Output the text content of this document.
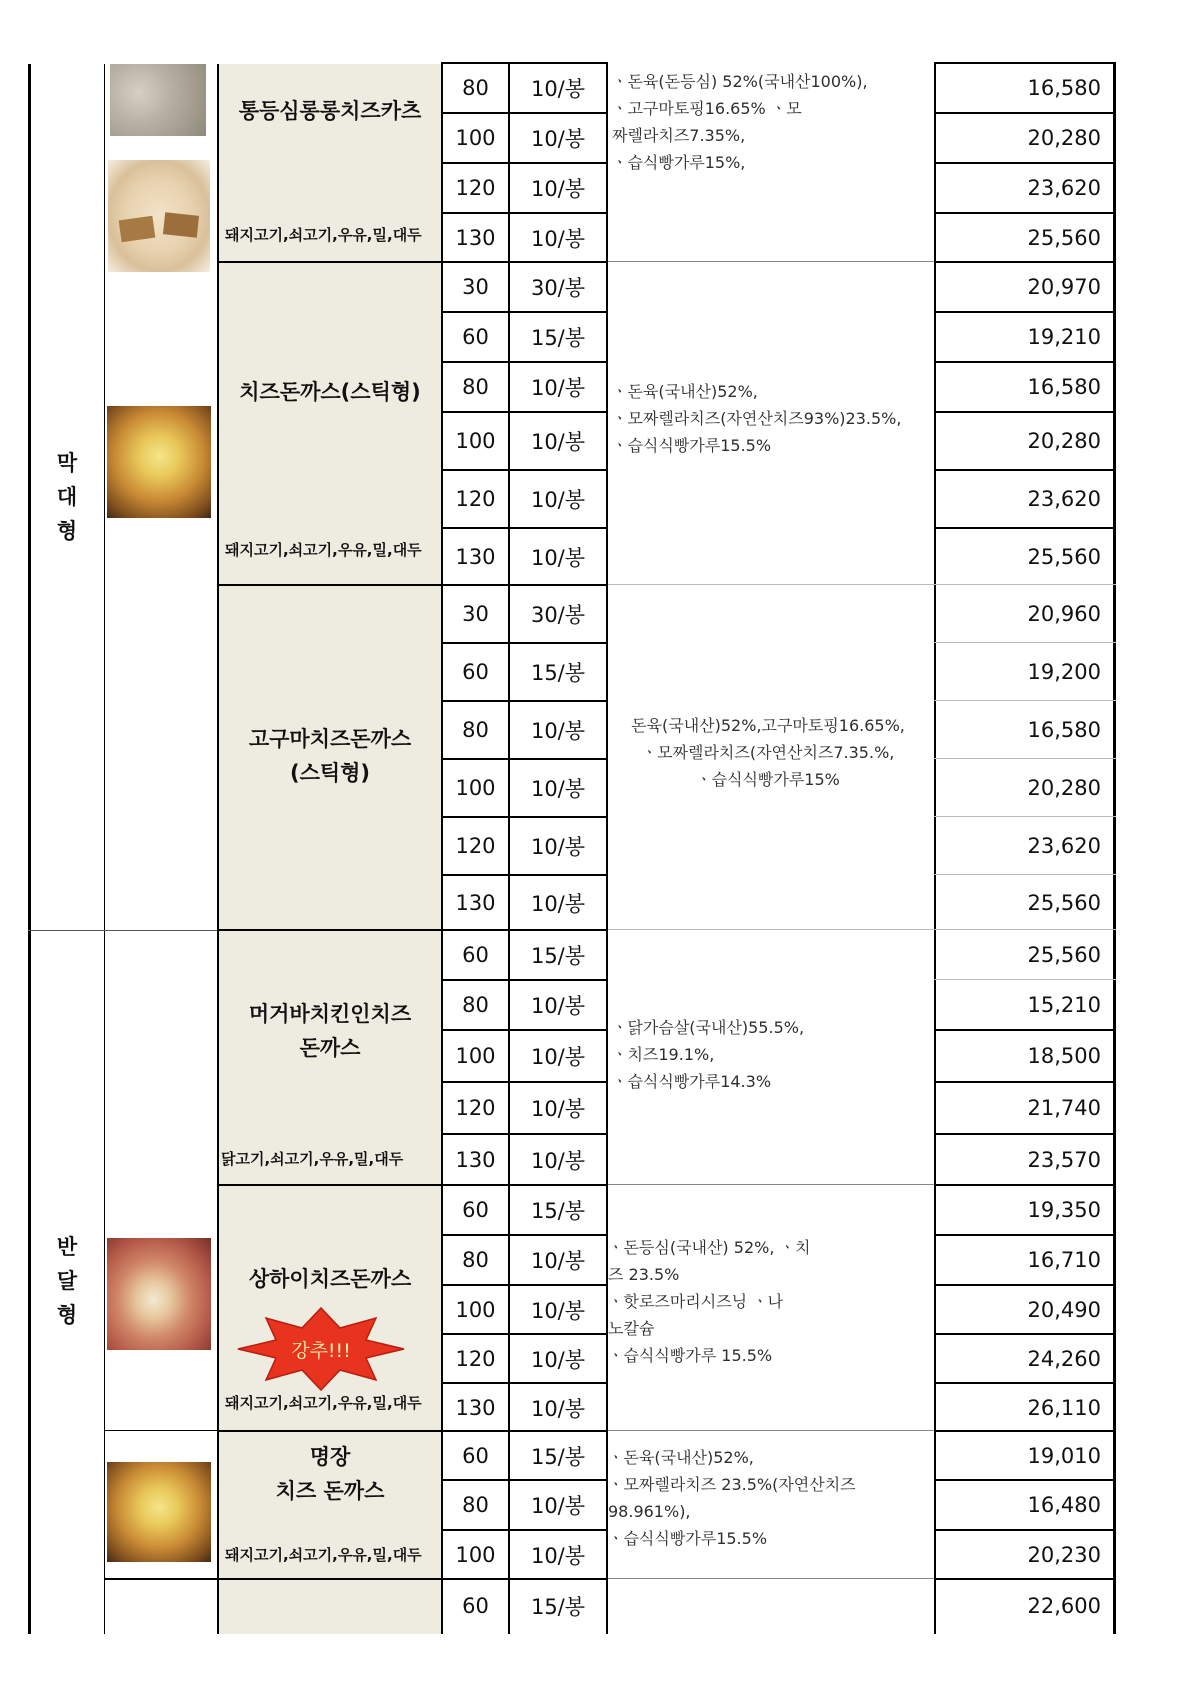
막
대
형
반
달
형
통등심롱롱치즈카츠
돼지고기,쇠고기,우유,밀,대두
80	10/봉	16,580
100	10/봉	20,280
120	10/봉	23,620
130	10/봉	25,560
ㆍ돈육(돈등심) 52%(국내산100%),
ㆍ고구마토핑16.65% ㆍ모
짜렐라치즈7.35%,
ㆍ습식빵가루15%,
치즈돈까스(스틱형)
돼지고기,쇠고기,우유,밀,대두
30	30/봉	20,970
60	15/봉	19,210
80	10/봉	16,580
100	10/봉	20,280
120	10/봉	23,620
130	10/봉	25,560
ㆍ돈육(국내산)52%,
ㆍ모짜렐라치즈(자연산치즈93%)23.5%,
ㆍ습식식빵가루15.5%
고구마치즈돈까스
(스틱형)
30	30/봉	20,960
60	15/봉	19,200
80	10/봉	16,580
100	10/봉	20,280
120	10/봉	23,620
130	10/봉	25,560
돈육(국내산)52%,고구마토핑16.65%,
ㆍ모짜렐라치즈(자연산치즈7.35.%,
ㆍ습식식빵가루15%
머거바치킨인치즈
돈까스
닭고기,쇠고기,우유,밀,대두
60	15/봉	25,560
80	10/봉	15,210
100	10/봉	18,500
120	10/봉	21,740
130	10/봉	23,570
ㆍ닭가슴살(국내산)55.5%,
ㆍ치즈19.1%,
ㆍ습식식빵가루14.3%
상하이치즈돈까스
돼지고기,쇠고기,우유,밀,대두
강추!!!
60	15/봉	19,350
80	10/봉	16,710
100	10/봉	20,490
120	10/봉	24,260
130	10/봉	26,110
ㆍ돈등심(국내산) 52%, ㆍ치
즈 23.5%
ㆍ핫로즈마리시즈닝 ㆍ나
노칼슘
ㆍ습식식빵가루 15.5%
명장
치즈 돈까스
돼지고기,쇠고기,우유,밀,대두
60	15/봉	19,010
80	10/봉	16,480
100	10/봉	20,230
ㆍ돈육(국내산)52%,
ㆍ모짜렐라치즈 23.5%(자연산치즈
98.961%),
ㆍ습식식빵가루15.5%
60	15/봉	22,600
